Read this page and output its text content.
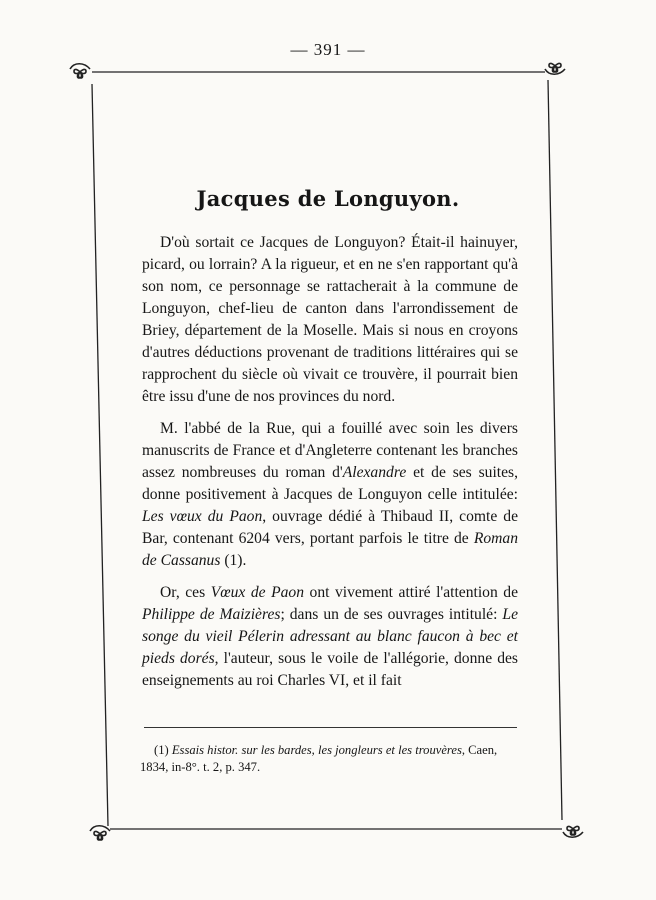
— 391 —
Jacques de Longuyon.

D'où sortait ce Jacques de Longuyon? Était-il hainuyer, picard, ou lorrain? A la rigueur, et en ne s'en rapportant qu'à son nom, ce personnage se rattacherait à la commune de Longuyon, chef-lieu de canton dans l'arrondissement de Briey, département de la Moselle. Mais si nous en croyons d'autres déductions provenant de traditions littéraires qui se rapprochent du siècle où vivait ce trouvère, il pourrait bien être issu d'une de nos provinces du nord.

M. l'abbé de la Rue, qui a fouillé avec soin les divers manuscrits de France et d'Angleterre contenant les branches assez nombreuses du roman d'Alexandre et de ses suites, donne positivement à Jacques de Longuyon celle intitulée: Les vœux du Paon, ouvrage dédié à Thibaud II, comte de Bar, contenant 6204 vers, portant parfois le titre de Roman de Cassanus (1).

Or, ces Vœux de Paon ont vivement attiré l'attention de Philippe de Maizières; dans un de ses ouvrages intitulé: Le songe du vieil Pélerin adressant au blanc faucon à bec et pieds dorés, l'auteur, sous le voile de l'allégorie, donne des enseignements au roi Charles VI, et il fait

(1) Essais histor. sur les bardes, les jongleurs et les trouvères, Caen, 1834, in-8°. t. 2, p. 347.
